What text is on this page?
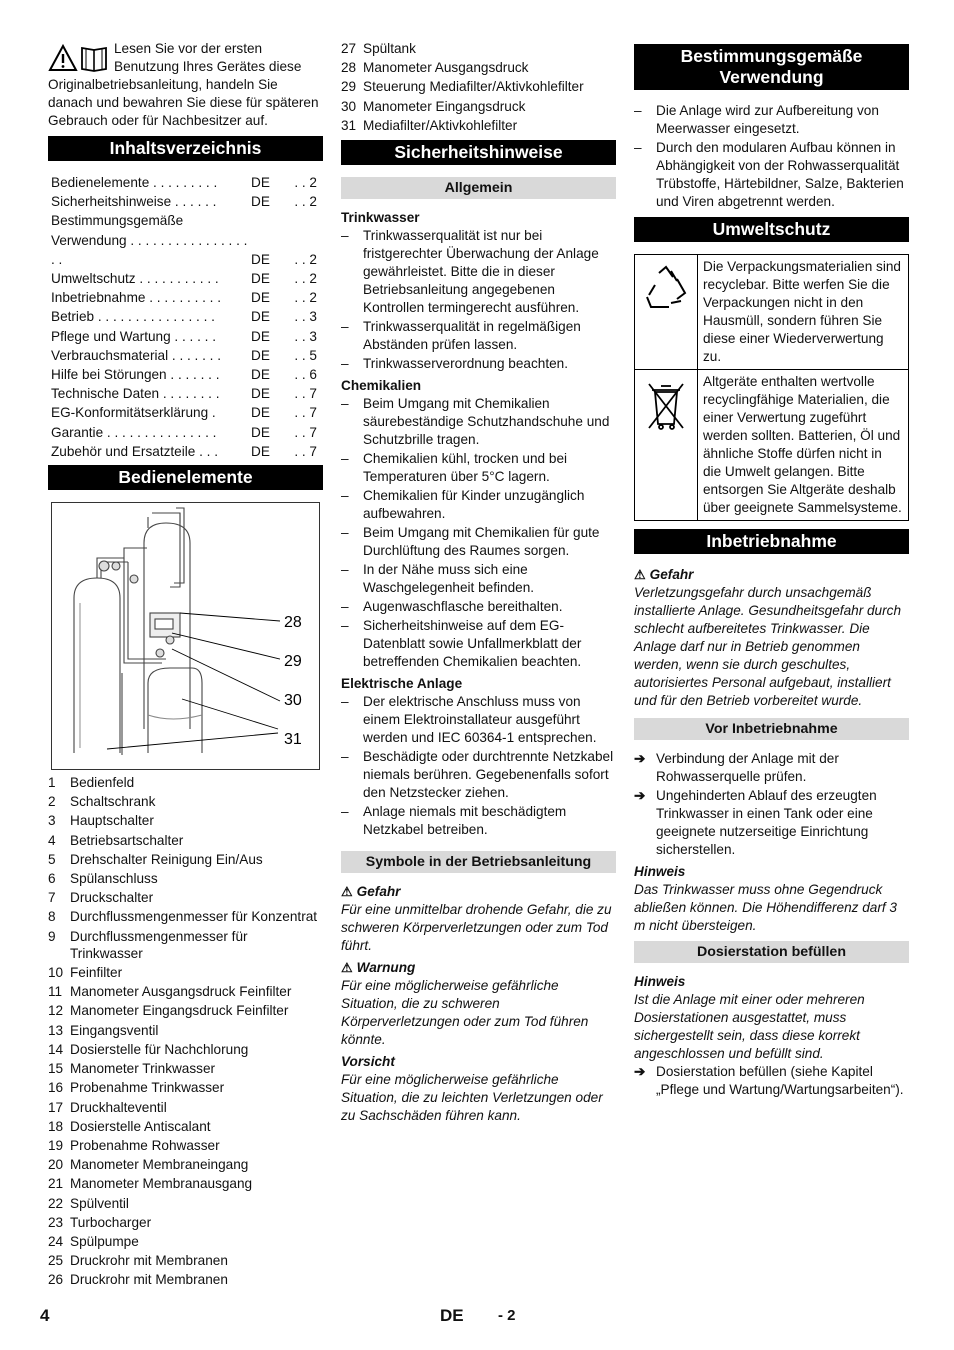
Lesen Sie vor der ersten Benutzung Ihres Gerätes diese Originalbetriebsanleitung, handeln Sie danach und bewahren Sie diese für späteren Gebrauch oder für Nachbesitzer auf.
Inhaltsverzeichnis
Bedienelemente . . . . . . . . .	DE	. . 2
Sicherheitshinweise . . . . . .	DE	. . 2
Bestimmungsgemäße Verwendung . . . . . . . . . . . . . . . . . .	DE	. . 2
Umweltschutz . . . . . . . . . . .	DE	. . 2
Inbetriebnahme . . . . . . . . . .	DE	. . 2
Betrieb . . . . . . . . . . . . . . . .	DE	. . 3
Pflege und Wartung . . . . . .	DE	. . 3
Verbrauchsmaterial . . . . . . .	DE	. . 5
Hilfe bei Störungen . . . . . . .	DE	. . 6
Technische Daten . . . . . . . .	DE	. . 7
EG-Konformitätserklärung .	DE	. . 7
Garantie . . . . . . . . . . . . . . .	DE	. . 7
Zubehör und Ersatzteile . . .	DE	. . 7
Bedienelemente
28
29
30
31
1 Bedienfeld
2 Schaltschrank
3 Hauptschalter
4 Betriebsartschalter
5 Drehschalter Reinigung Ein/Aus
6 Spülanschluss
7 Druckschalter
8 Durchflussmengenmesser für Konzentrat
9 Durchflussmengenmesser für Trinkwasser
10 Feinfilter
11 Manometer Ausgangsdruck Feinfilter
12 Manometer Eingangsdruck Feinfilter
13 Eingangsventil
14 Dosierstelle für Nachchlorung
15 Manometer Trinkwasser
16 Probenahme Trinkwasser
17 Druckhalteventil
18 Dosierstelle Antiscalant
19 Probenahme Rohwasser
20 Manometer Membraneingang
21 Manometer Membranausgang
22 Spülventil
23 Turbocharger
24 Spülpumpe
25 Druckrohr mit Membranen
26 Druckrohr mit Membranen
27 Spültank
28 Manometer Ausgangsdruck
29 Steuerung Mediafilter/Aktivkohlefilter
30 Manometer Eingangsdruck
31 Mediafilter/Aktivkohlefilter
Sicherheitshinweise
Allgemein
Trinkwasser
– Trinkwasserqualität ist nur bei fristgerechter Überwachung der Anlage gewährleistet. Bitte die in dieser Betriebsanleitung angegebenen Kontrollen termingerecht ausführen.
– Trinkwasserqualität in regelmäßigen Abständen prüfen lassen.
– Trinkwasserverordnung beachten.
Chemikalien
– Beim Umgang mit Chemikalien säurebeständige Schutzhandschuhe und Schutzbrille tragen.
– Chemikalien kühl, trocken und bei Temperaturen über 5°C lagern.
– Chemikalien für Kinder unzugänglich aufbewahren.
– Beim Umgang mit Chemikalien für gute Durchlüftung des Raumes sorgen.
– In der Nähe muss sich eine Waschgelegenheit befinden.
– Augenwaschflasche bereithalten.
– Sicherheitshinweise auf dem EG-Datenblatt sowie Unfallmerkblatt der betreffenden Chemikalien beachten.
Elektrische Anlage
– Der elektrische Anschluss muss von einem Elektroinstallateur ausgeführt werden und IEC 60364-1 entsprechen.
– Beschädigte oder durchtrennte Netzkabel niemals berühren. Gegebenenfalls sofort den Netzstecker ziehen.
– Anlage niemals mit beschädigtem Netzkabel betreiben.
Symbole in der Betriebsanleitung
⚠ Gefahr
Für eine unmittelbar drohende Gefahr, die zu schweren Körperverletzungen oder zum Tod führt.
⚠ Warnung
Für eine möglicherweise gefährliche Situation, die zu schweren Körperverletzungen oder zum Tod führen könnte.
Vorsicht
Für eine möglicherweise gefährliche Situation, die zu leichten Verletzungen oder zu Sachschäden führen kann.
Bestimmungsgemäße Verwendung
– Die Anlage wird zur Aufbereitung von Meerwasser eingesetzt.
– Durch den modularen Aufbau können in Abhängigkeit von der Rohwasserqualität Trübstoffe, Härtebildner, Salze, Bakterien und Viren abgetrennt werden.
Umweltschutz
	Die Verpackungsmaterialien sind recyclebar. Bitte werfen Sie die Verpackungen nicht in den Hausmüll, sondern führen Sie diese einer Wiederverwertung zu.
	Altgeräte enthalten wertvolle recyclingfähige Materialien, die einer Verwertung zugeführt werden sollten. Batterien, Öl und ähnliche Stoffe dürfen nicht in die Umwelt gelangen. Bitte entsorgen Sie Altgeräte deshalb über geeignete Sammelsysteme.
Inbetriebnahme
⚠ Gefahr
Verletzungsgefahr durch unsachgemäß installierte Anlage. Gesundheitsgefahr durch schlecht aufbereitetes Trinkwasser. Die Anlage darf nur in Betrieb genommen werden, wenn sie durch geschultes, autorisiertes Personal aufgebaut, installiert und für den Betrieb vorbereitet wurde.
Vor Inbetriebnahme
➔ Verbindung der Anlage mit der Rohwasserquelle prüfen.
➔ Ungehinderten Ablauf des erzeugten Trinkwasser in einen Tank oder eine geeignete nutzerseitige Einrichtung sicherstellen.
Hinweis
Das Trinkwasser muss ohne Gegendruck abließen können. Die Höhendifferenz darf 3 m nicht übersteigen.
Dosierstation befüllen
Hinweis
Ist die Anlage mit einer oder mehreren Dosierstationen ausgestattet, muss sichergestellt sein, dass diese korrekt angeschlossen und befüllt sind.
➔ Dosierstation befüllen (siehe Kapitel „Pflege und Wartung/Wartungsarbeiten“).
4	DE - 2
